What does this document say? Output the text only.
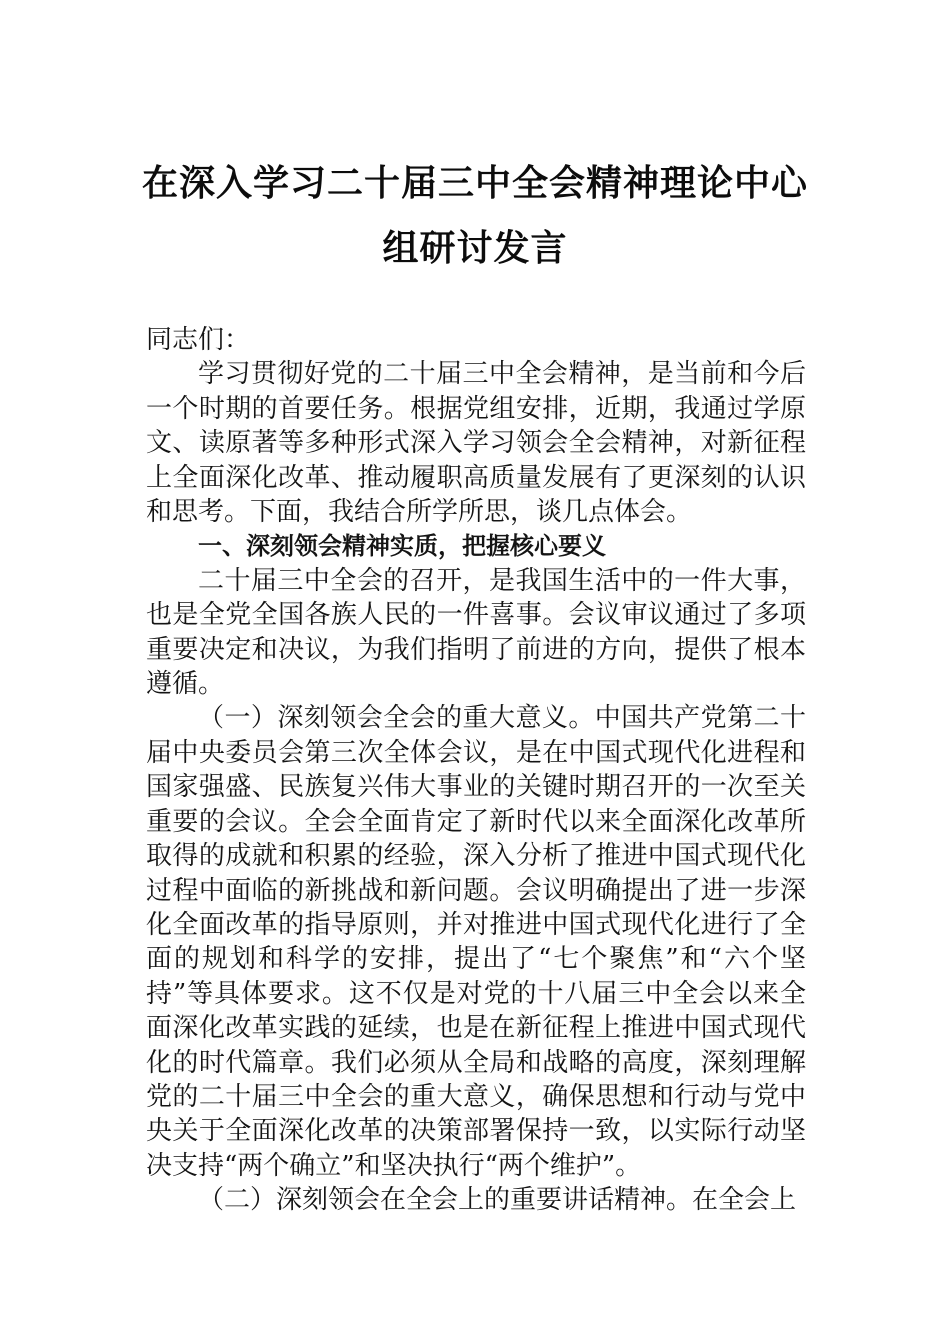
在深入学习二十届三中全会精神理论中心
组研讨发言

同志们：

学习贯彻好党的二十届三中全会精神，是当前和今后一个时期的首要任务。根据党组安排，近期，我通过学原文、读原著等多种形式深入学习领会全会精神，对新征程上全面深化改革、推动履职高质量发展有了更深刻的认识和思考。下面，我结合所学所思，谈几点体会。

一、深刻领会精神实质，把握核心要义

二十届三中全会的召开，是我国生活中的一件大事，也是全党全国各族人民的一件喜事。会议审议通过了多项重要决定和决议，为我们指明了前进的方向，提供了根本遵循。

（一）深刻领会全会的重大意义。中国共产党第二十届中央委员会第三次全体会议，是在中国式现代化进程和国家强盛、民族复兴伟大事业的关键时期召开的一次至关重要的会议。全会全面肯定了新时代以来全面深化改革所取得的成就和积累的经验，深入分析了推进中国式现代化过程中面临的新挑战和新问题。会议明确提出了进一步深化全面改革的指导原则，并对推进中国式现代化进行了全面的规划和科学的安排，提出了“七个聚焦”和“六个坚持”等具体要求。这不仅是对党的十八届三中全会以来全面深化改革实践的延续，也是在新征程上推进中国式现代化的时代篇章。我们必须从全局和战略的高度，深刻理解党的二十届三中全会的重大意义，确保思想和行动与党中央关于全面深化改革的决策部署保持一致，以实际行动坚决支持“两个确立”和坚决执行“两个维护”。

（二）深刻领会在全会上的重要讲话精神。在全会上
